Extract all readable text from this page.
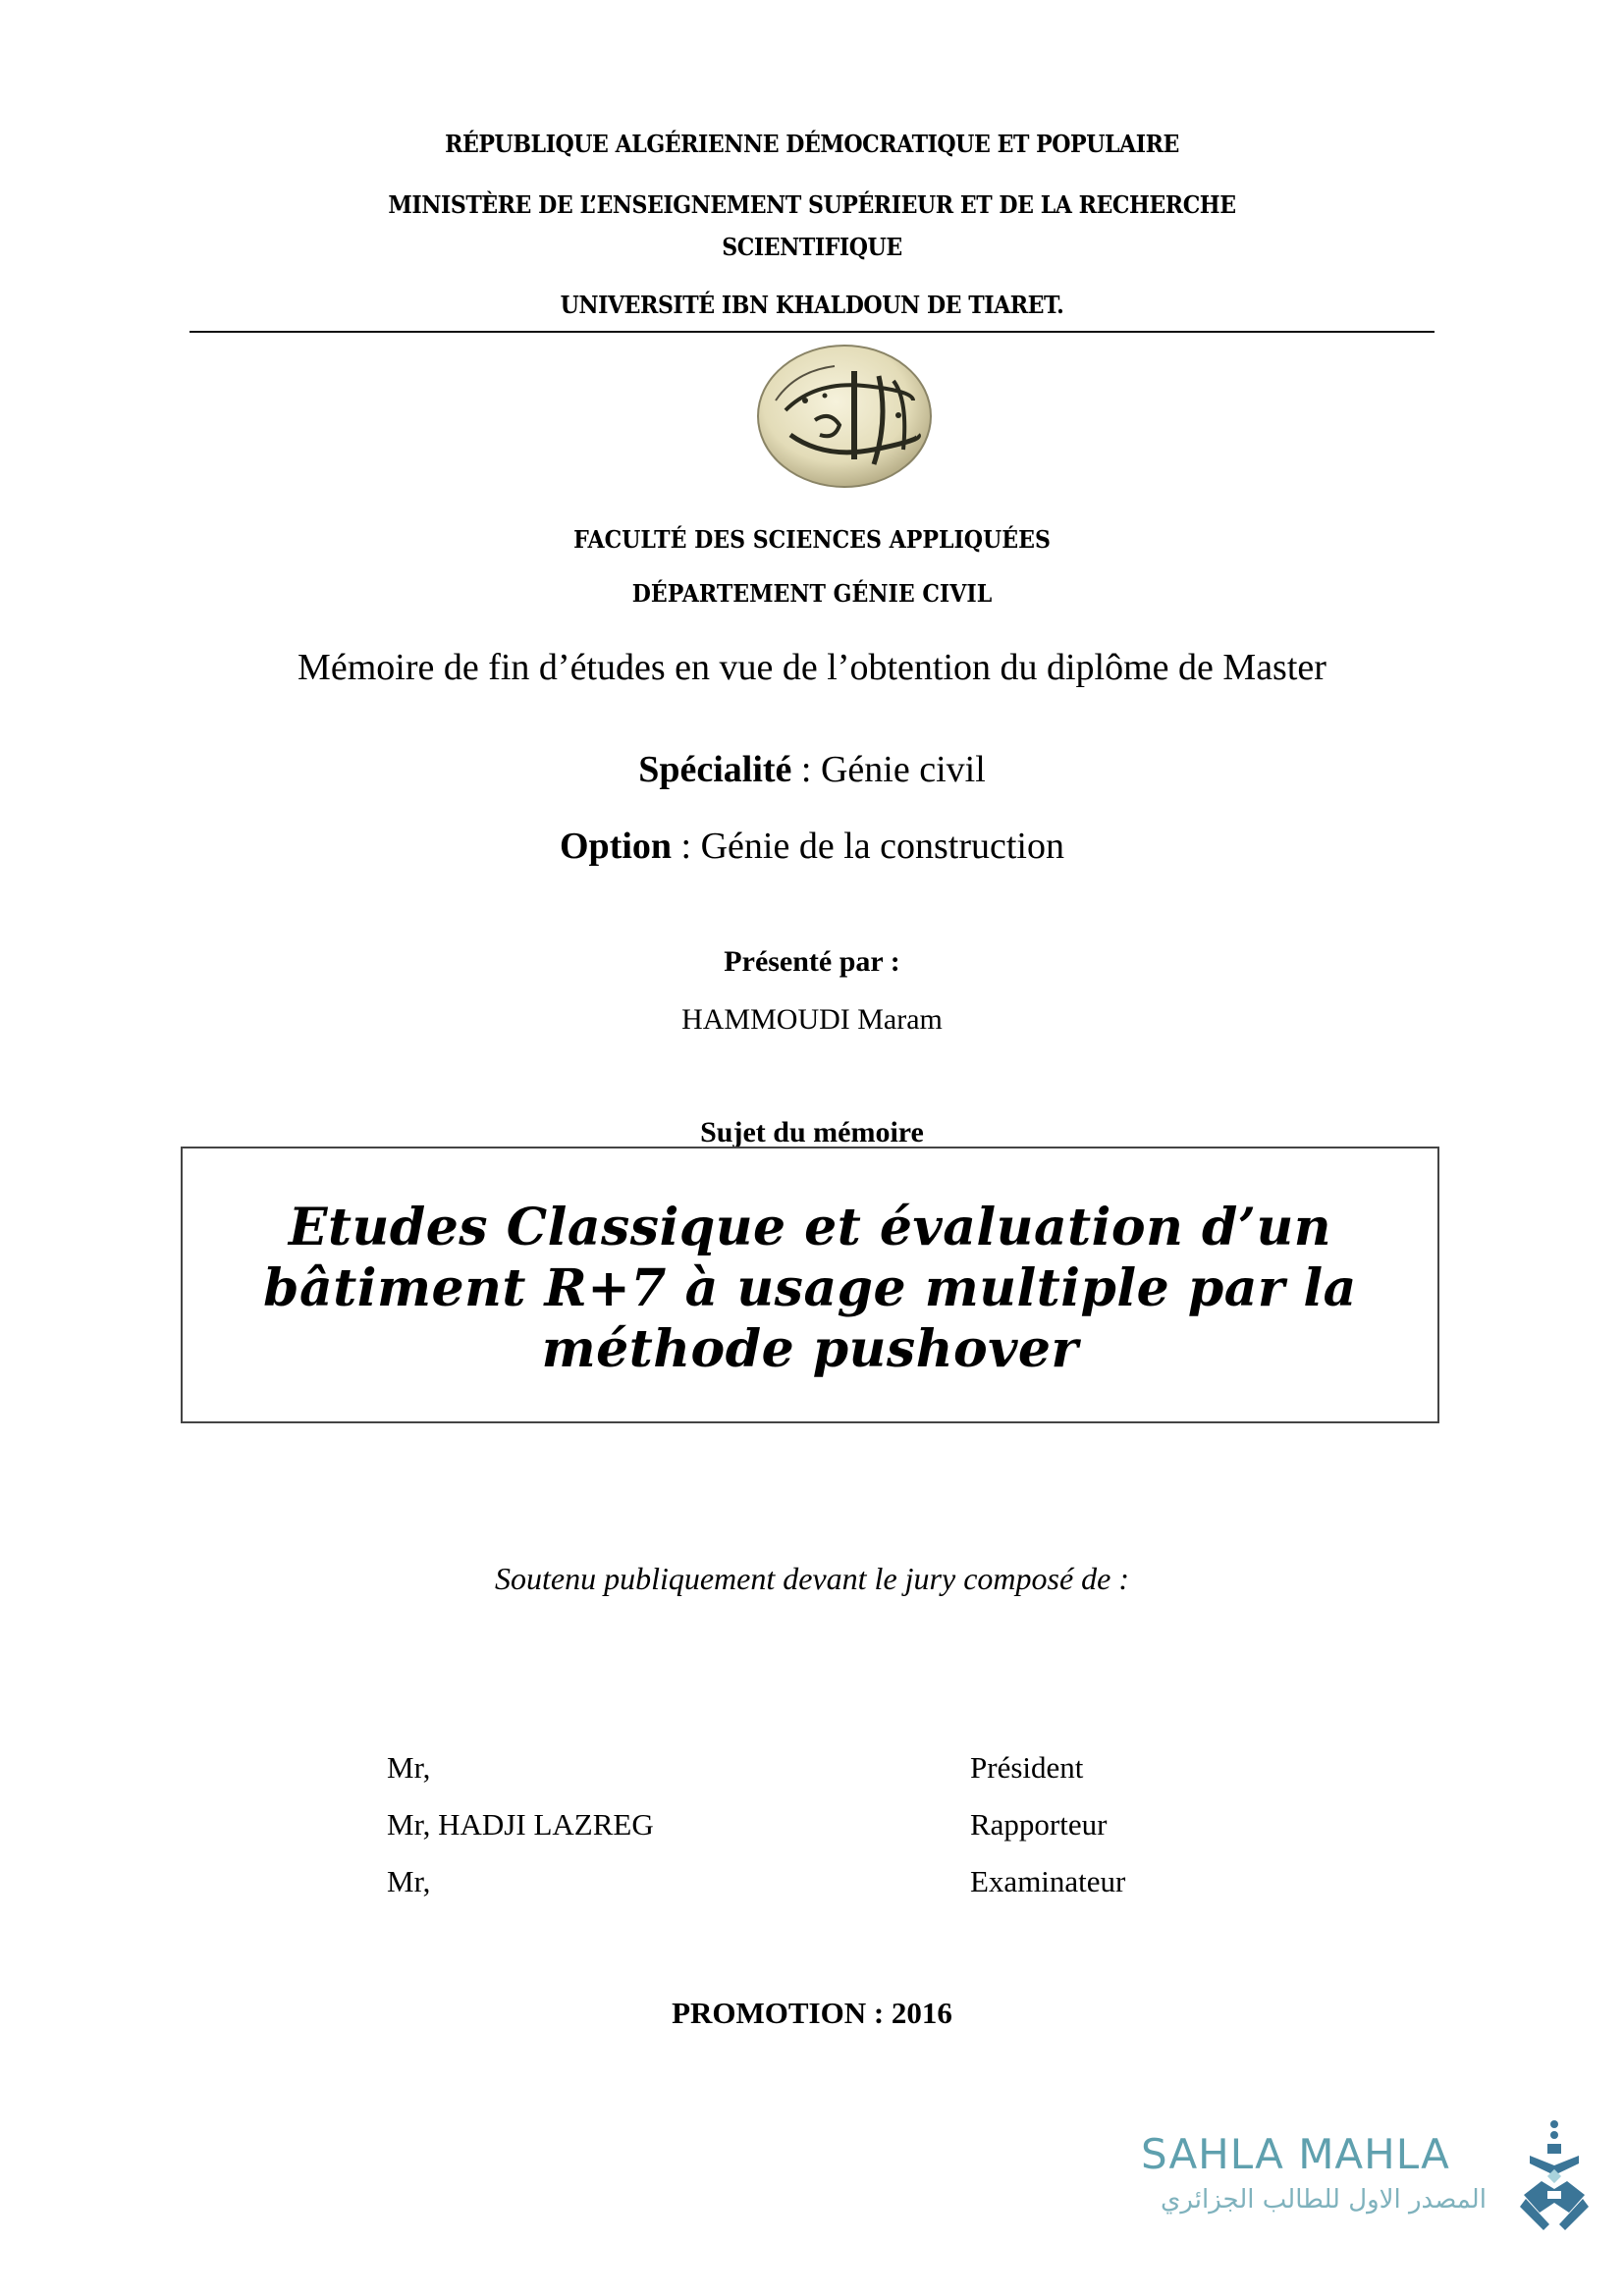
RÉPUBLIQUE ALGÉRIENNE DÉMOCRATIQUE ET POPULAIRE
MINISTÈRE DE L’ENSEIGNEMENT SUPÉRIEUR ET DE LA RECHERCHE
SCIENTIFIQUE
UNIVERSITÉ IBN KHALDOUN DE TIARET.
FACULTÉ DES SCIENCES APPLIQUÉES
DÉPARTEMENT GÉNIE CIVIL
Mémoire de fin d’études en vue de l’obtention du diplôme de Master
Spécialité : Génie civil
Option : Génie de la construction
Présenté par :
HAMMOUDI Maram
Sujet du mémoire
Etudes Classique et évaluation d’un
bâtiment R+7 à usage multiple par la
méthode pushover
Soutenu publiquement devant le jury composé de :
Mr,	Président
Mr, HADJI LAZREG	Rapporteur
Mr,	Examinateur
PROMOTION : 2016
SAHLA MAHLA
المصدر الاول للطالب الجزائري
